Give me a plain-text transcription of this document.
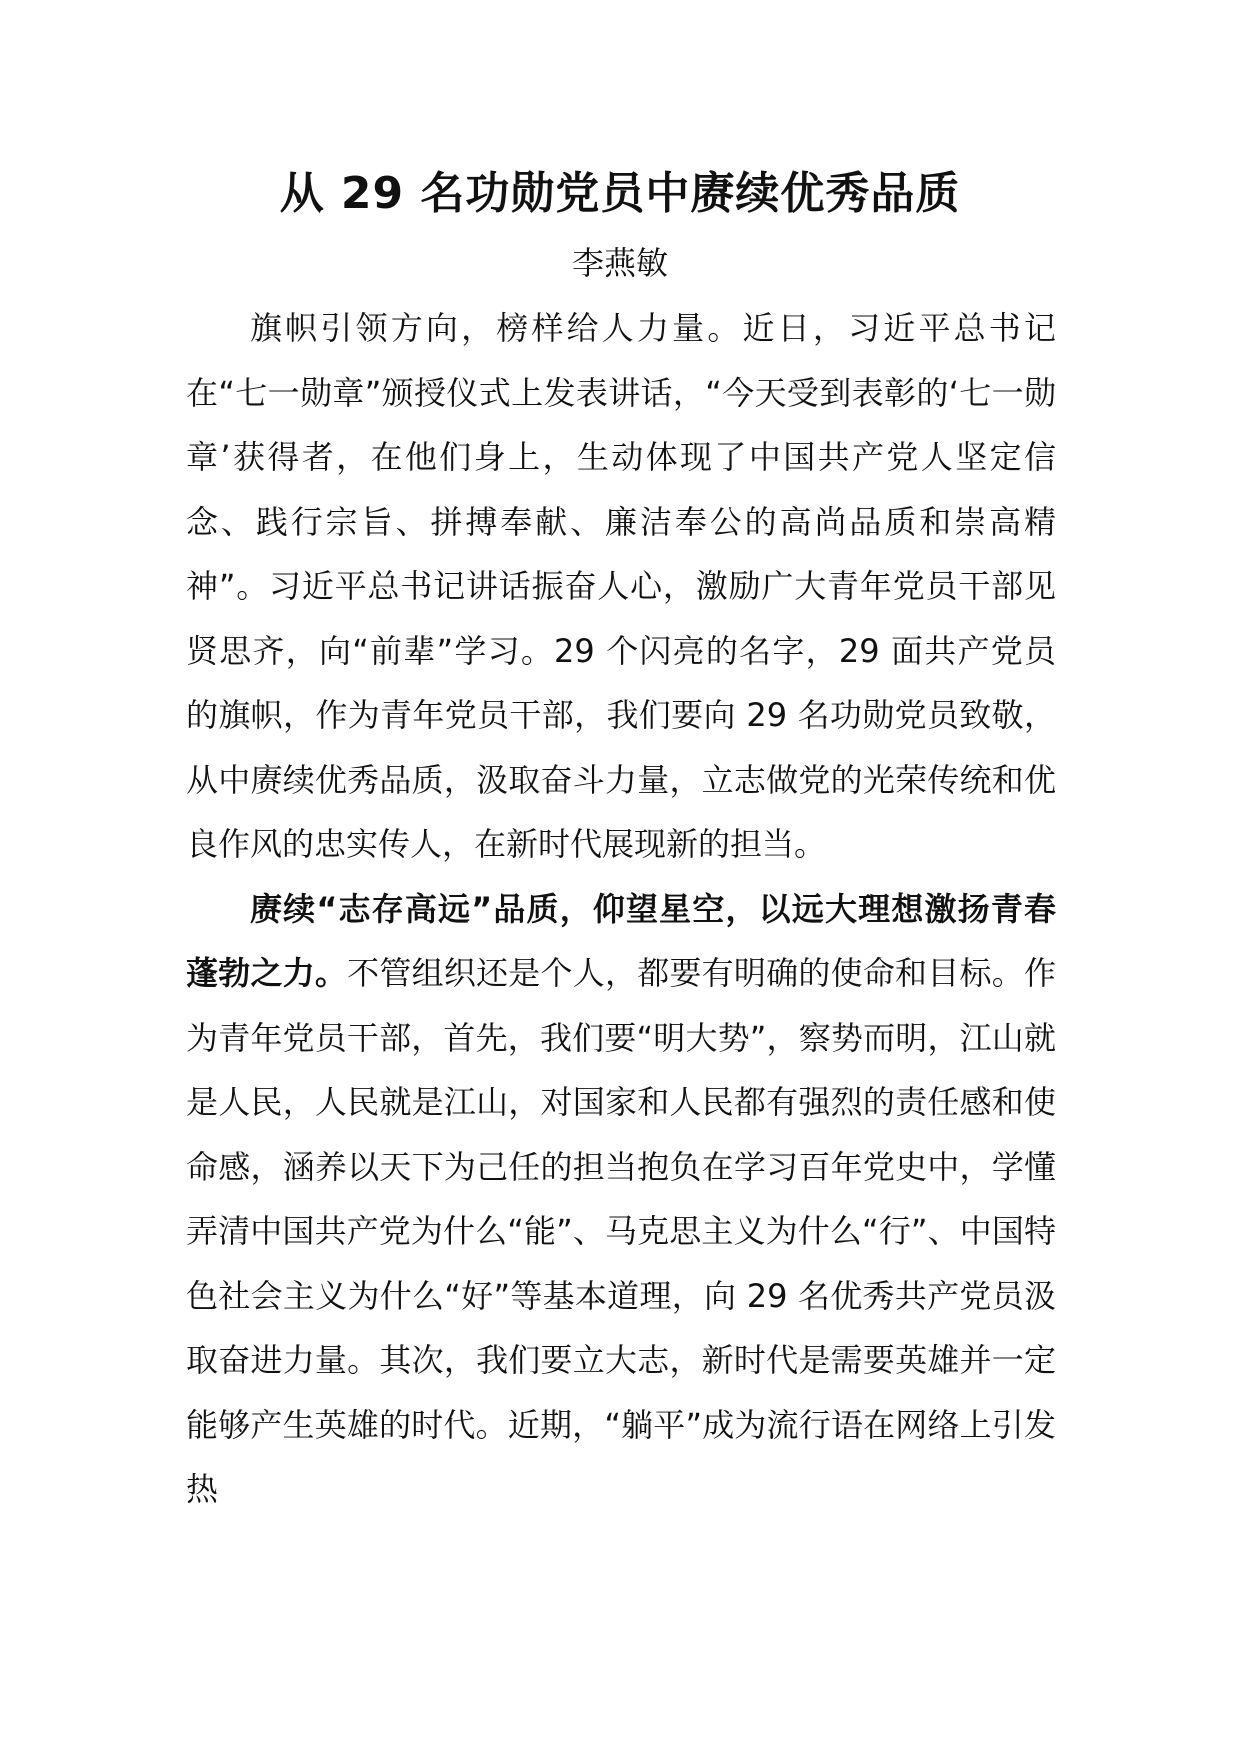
从 29 名功勋党员中赓续优秀品质
李燕敏

旗帜引领方向，榜样给人力量。近日，习近平总书记在“七一勋章”颁授仪式上发表讲话，“今天受到表彰的‘七一勋章’获得者，在他们身上，生动体现了中国共产党人坚定信念、践行宗旨、拼搏奉献、廉洁奉公的高尚品质和崇高精神”。习近平总书记讲话振奋人心，激励广大青年党员干部见贤思齐，向“前辈”学习。29 个闪亮的名字，29 面共产党员的旗帜，作为青年党员干部，我们要向 29 名功勋党员致敬，从中赓续优秀品质，汲取奋斗力量，立志做党的光荣传统和优良作风的忠实传人，在新时代展现新的担当。

赓续“志存高远”品质，仰望星空，以远大理想激扬青春蓬勃之力。不管组织还是个人，都要有明确的使命和目标。作为青年党员干部，首先，我们要“明大势”，察势而明，江山就是人民，人民就是江山，对国家和人民都有强烈的责任感和使命感，涵养以天下为己任的担当抱负在学习百年党史中，学懂弄清中国共产党为什么“能”、马克思主义为什么“行”、中国特色社会主义为什么“好”等基本道理，向 29 名优秀共产党员汲取奋进力量。其次，我们要立大志，新时代是需要英雄并一定能够产生英雄的时代。近期，“躺平”成为流行语在网络上引发热
